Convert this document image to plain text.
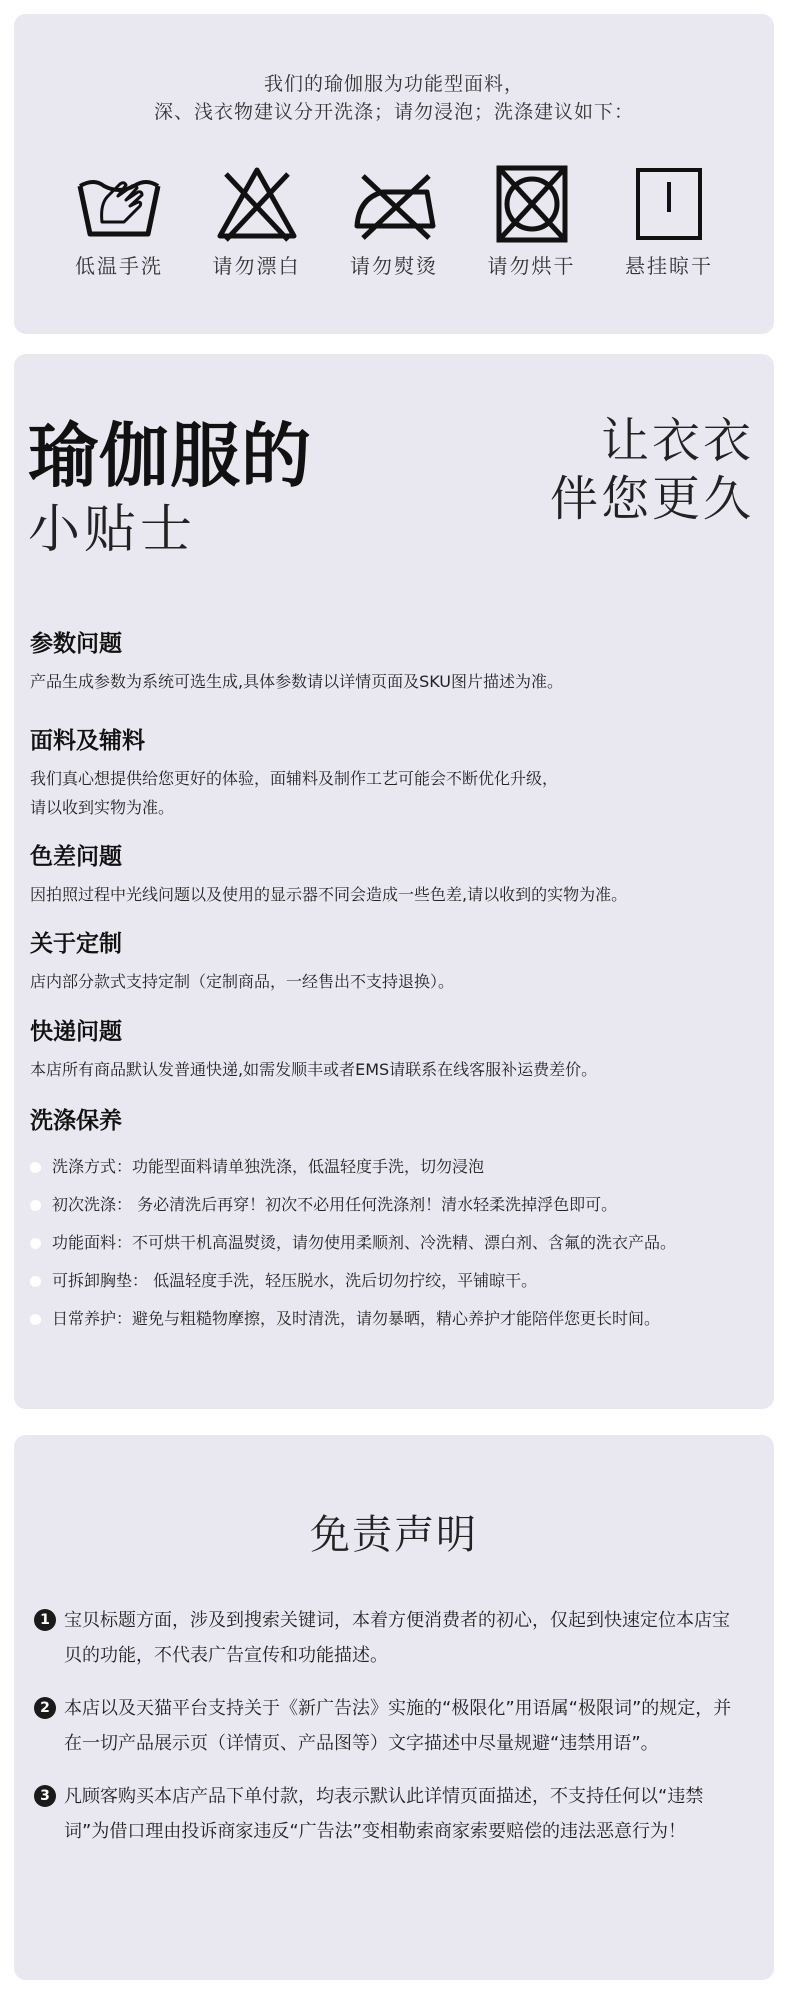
我们的瑜伽服为功能型面料，
深、浅衣物建议分开洗涤；请勿浸泡；洗涤建议如下：
低温手洗	请勿漂白	请勿熨烫	请勿烘干	悬挂晾干
瑜伽服的
小贴士
让衣衣
伴您更久
参数问题
产品生成参数为系统可选生成,具体参数请以详情页面及SKU图片描述为准。
面料及辅料
我们真心想提供给您更好的体验，面辅料及制作工艺可能会不断优化升级，
请以收到实物为准。
色差问题
因拍照过程中光线问题以及使用的显示器不同会造成一些色差,请以收到的实物为准。
关于定制
店内部分款式支持定制（定制商品，一经售出不支持退换）。
快递问题
本店所有商品默认发普通快递,如需发顺丰或者EMS请联系在线客服补运费差价。
洗涤保养
洗涤方式：功能型面料请单独洗涤，低温轻度手洗，切勿浸泡
初次洗涤： 务必清洗后再穿！初次不必用任何洗涤剂！清水轻柔洗掉浮色即可。
功能面料：不可烘干机高温熨烫，请勿使用柔顺剂、冷洗精、漂白剂、含氟的洗衣产品。
可拆卸胸垫： 低温轻度手洗，轻压脱水，洗后切勿拧绞，平铺晾干。
日常养护：避免与粗糙物摩擦，及时清洗，请勿暴晒，精心养护才能陪伴您更长时间。
免责声明
1 宝贝标题方面，涉及到搜索关键词，本着方便消费者的初心，仅起到快速定位本店宝贝的功能，不代表广告宣传和功能描述。
2 本店以及天猫平台支持关于《新广告法》实施的“极限化”用语属“极限词”的规定，并在一切产品展示页（详情页、产品图等）文字描述中尽量规避“违禁用语”。
3 凡顾客购买本店产品下单付款，均表示默认此详情页面描述，不支持任何以“违禁词”为借口理由投诉商家违反“广告法”变相勒索商家索要赔偿的违法恶意行为！
